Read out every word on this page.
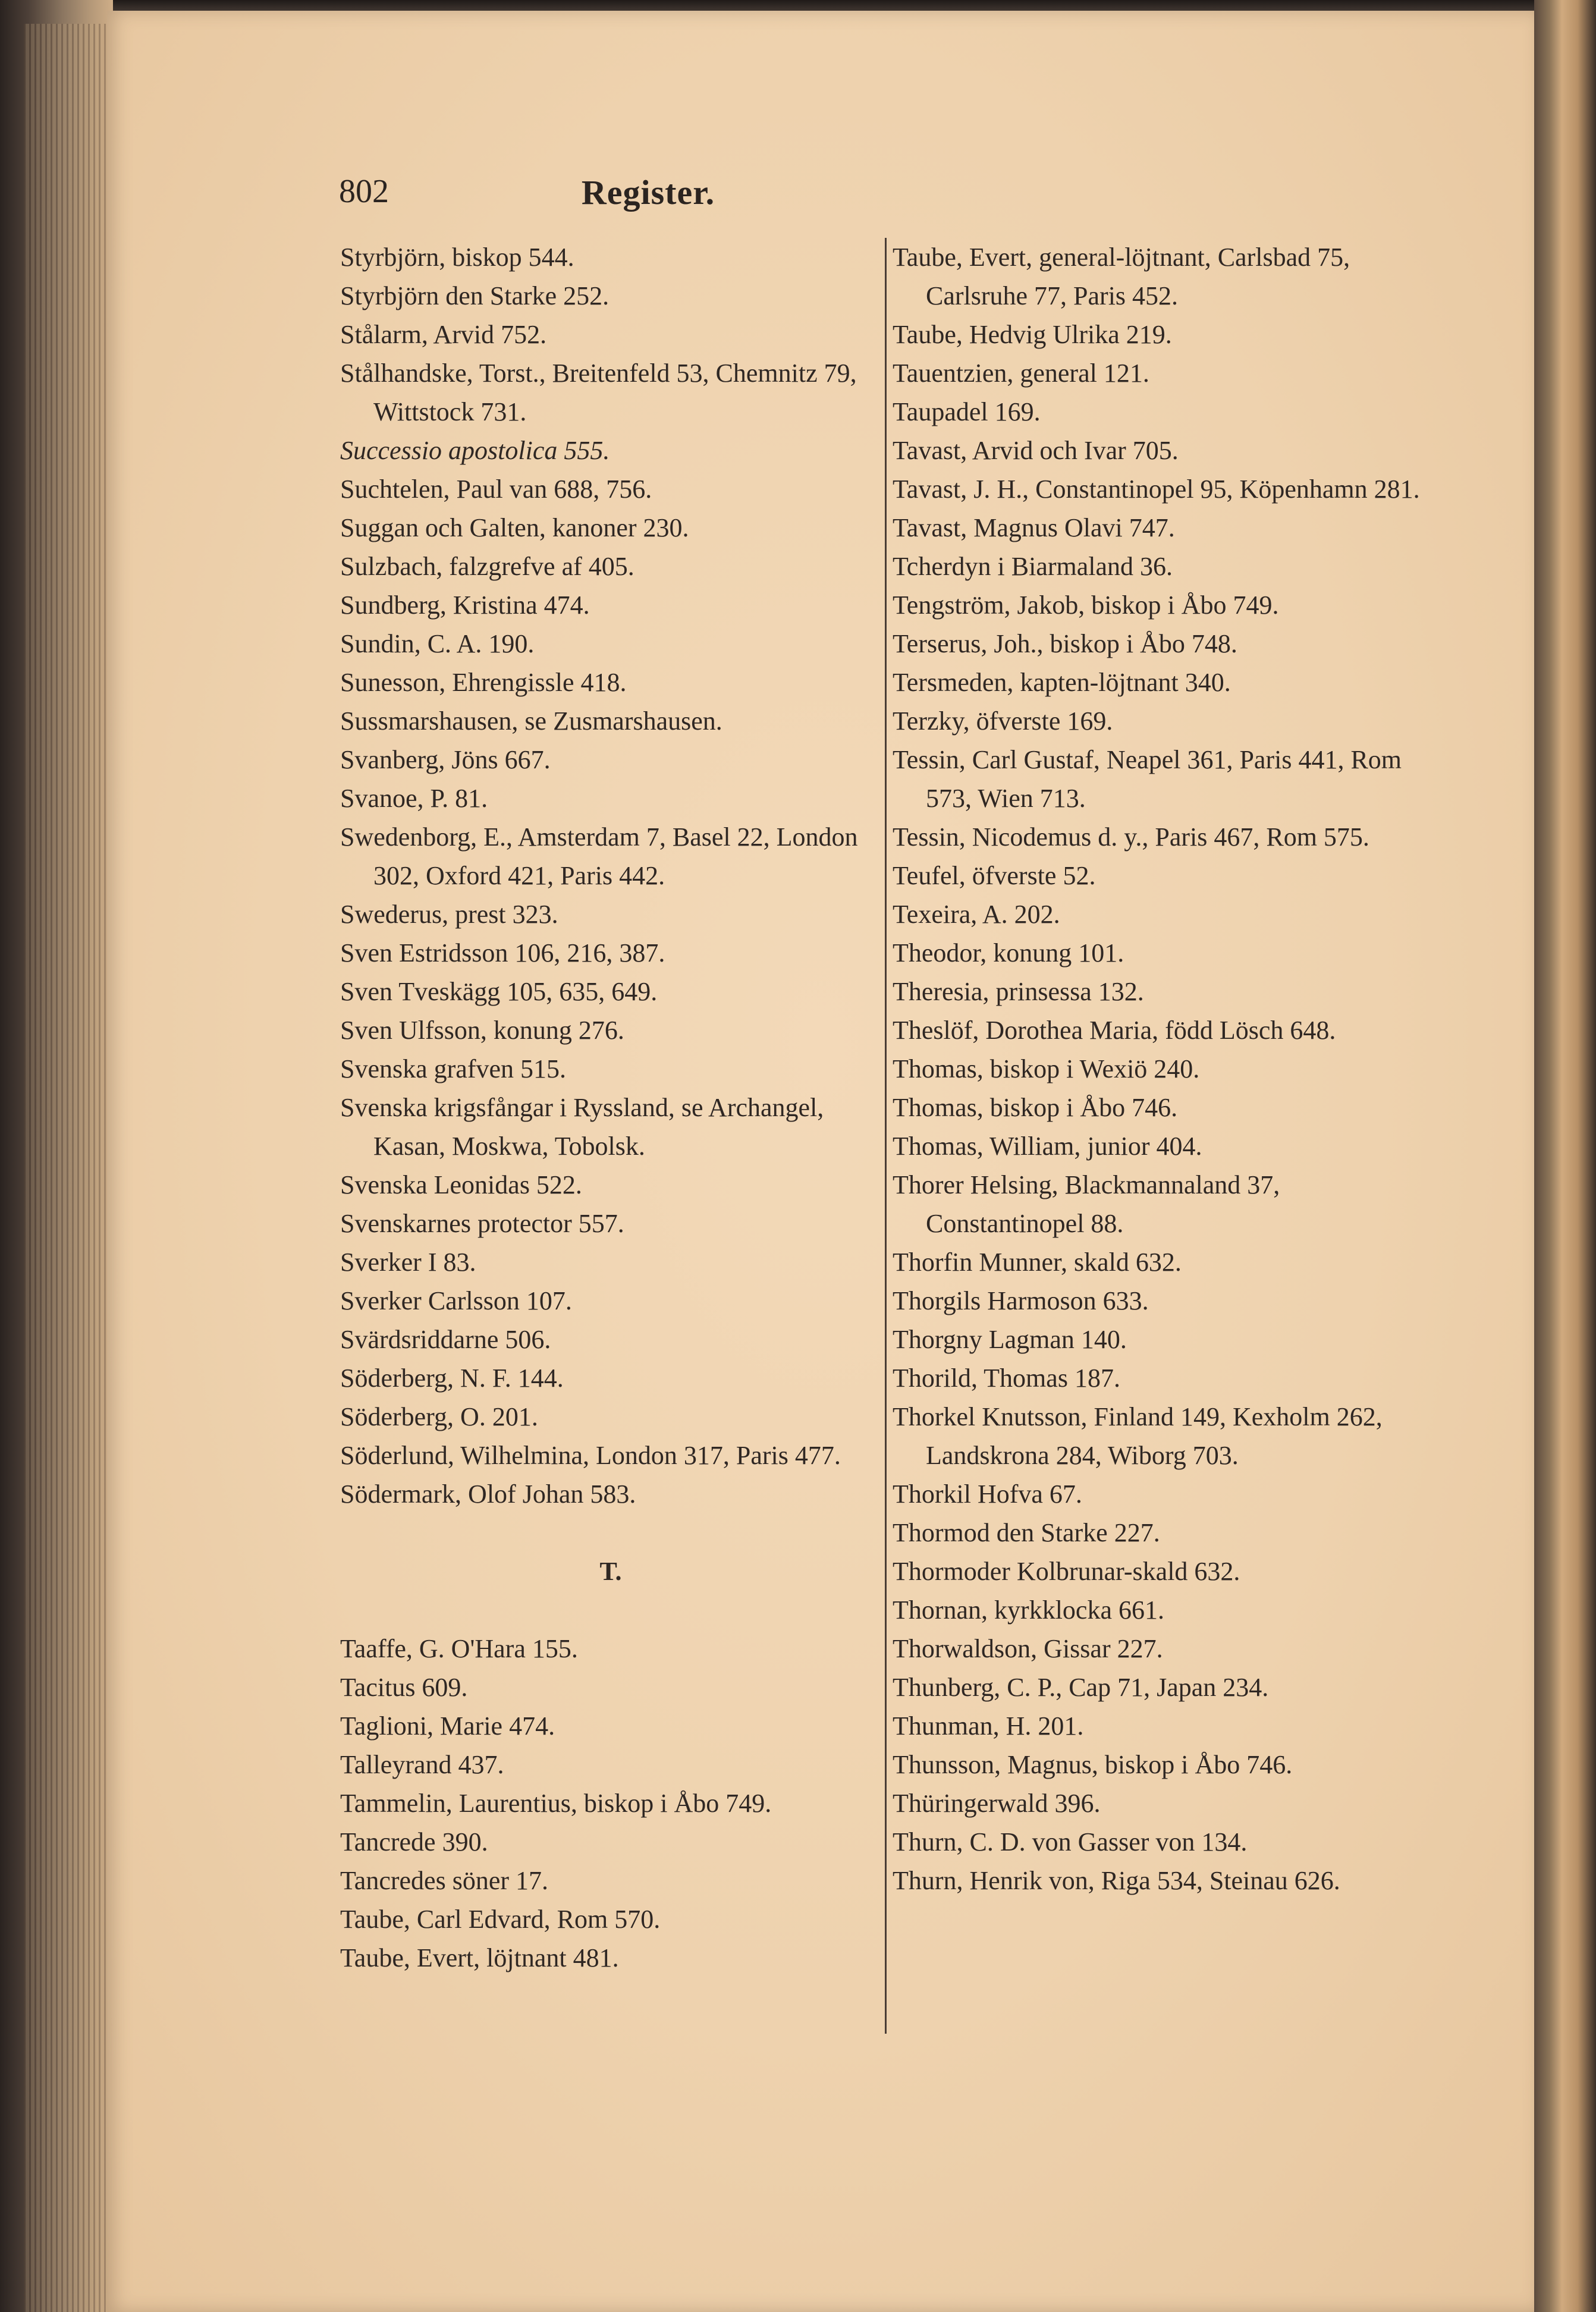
802	Register.
Styrbjörn, biskop 544.
Styrbjörn den Starke 252.
Stålarm, Arvid 752.
Stålhandske, Torst., Breitenfeld 53, Chemnitz 79, Wittstock 731.
Successio apostolica 555.
Suchtelen, Paul van 688, 756.
Suggan och Galten, kanoner 230.
Sulzbach, falzgrefve af 405.
Sundberg, Kristina 474.
Sundin, C. A. 190.
Sunesson, Ehrengissle 418.
Sussmarshausen, se Zusmarshausen.
Svanberg, Jöns 667.
Svanoe, P. 81.
Swedenborg, E., Amsterdam 7, Basel 22, London 302, Oxford 421, Paris 442.
Swederus, prest 323.
Sven Estridsson 106, 216, 387.
Sven Tveskägg 105, 635, 649.
Sven Ulfsson, konung 276.
Svenska grafven 515.
Svenska krigsfångar i Ryssland, se Archangel, Kasan, Moskwa, Tobolsk.
Svenska Leonidas 522.
Svenskarnes protector 557.
Sverker I 83.
Sverker Carlsson 107.
Svärdsriddarne 506.
Söderberg, N. F. 144.
Söderberg, O. 201.
Söderlund, Wilhelmina, London 317, Paris 477.
Södermark, Olof Johan 583.
T.
Taaffe, G. O'Hara 155.
Tacitus 609.
Taglioni, Marie 474.
Talleyrand 437.
Tammelin, Laurentius, biskop i Åbo 749.
Tancrede 390.
Tancredes söner 17.
Taube, Carl Edvard, Rom 570.
Taube, Evert, löjtnant 481.
Taube, Evert, general-löjtnant, Carlsbad 75, Carlsruhe 77, Paris 452.
Taube, Hedvig Ulrika 219.
Tauentzien, general 121.
Taupadel 169.
Tavast, Arvid och Ivar 705.
Tavast, J. H., Constantinopel 95, Köpenhamn 281.
Tavast, Magnus Olavi 747.
Tcherdyn i Biarmaland 36.
Tengström, Jakob, biskop i Åbo 749.
Terserus, Joh., biskop i Åbo 748.
Tersmeden, kapten-löjtnant 340.
Terzky, öfverste 169.
Tessin, Carl Gustaf, Neapel 361, Paris 441, Rom 573, Wien 713.
Tessin, Nicodemus d. y., Paris 467, Rom 575.
Teufel, öfverste 52.
Texeira, A. 202.
Theodor, konung 101.
Theresia, prinsessa 132.
Theslöf, Dorothea Maria, född Lösch 648.
Thomas, biskop i Wexiö 240.
Thomas, biskop i Åbo 746.
Thomas, William, junior 404.
Thorer Helsing, Blackmannaland 37, Constantinopel 88.
Thorfin Munner, skald 632.
Thorgils Harmoson 633.
Thorgny Lagman 140.
Thorild, Thomas 187.
Thorkel Knutsson, Finland 149, Kexholm 262, Landskrona 284, Wiborg 703.
Thorkil Hofva 67.
Thormod den Starke 227.
Thormoder Kolbrunar-skald 632.
Thornan, kyrkklocka 661.
Thorwaldson, Gissar 227.
Thunberg, C. P., Cap 71, Japan 234.
Thunman, H. 201.
Thunsson, Magnus, biskop i Åbo 746.
Thüringerwald 396.
Thurn, C. D. von Gasser von 134.
Thurn, Henrik von, Riga 534, Steinau 626.
